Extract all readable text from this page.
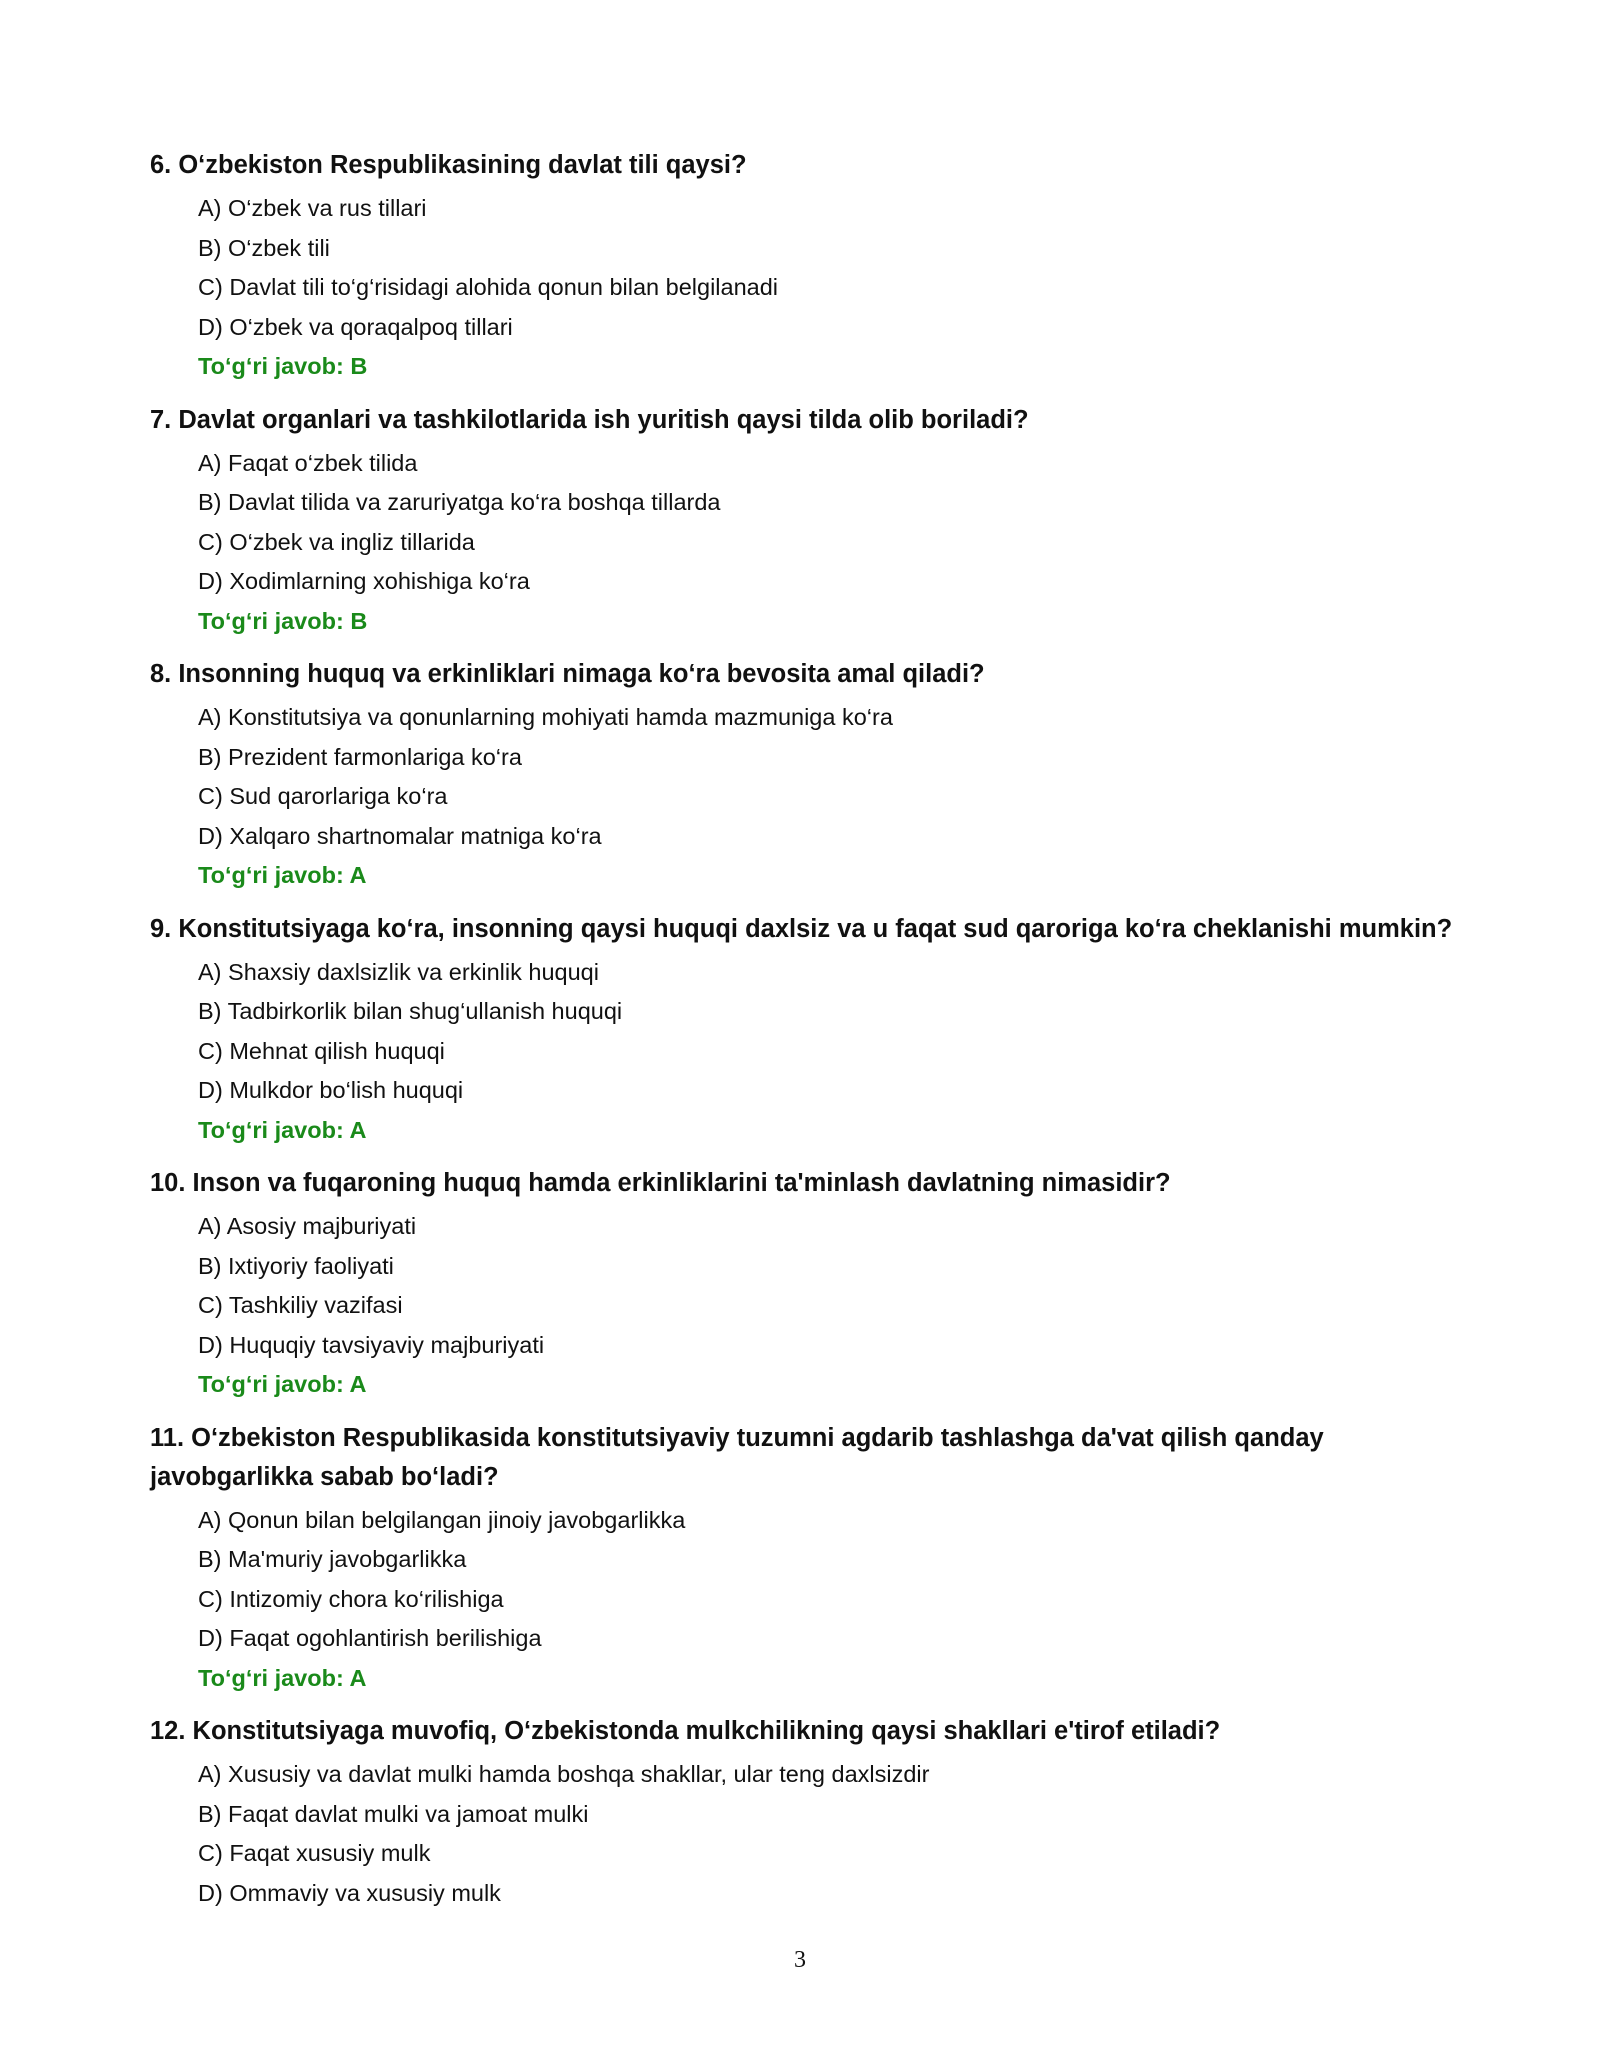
6. O‘zbekiston Respublikasining davlat tili qaysi?
A) O‘zbek va rus tillari
B) O‘zbek tili
C) Davlat tili to‘g‘risidagi alohida qonun bilan belgilanadi
D) O‘zbek va qoraqalpoq tillari
To‘g‘ri javob: B
7. Davlat organlari va tashkilotlarida ish yuritish qaysi tilda olib boriladi?
A) Faqat o‘zbek tilida
B) Davlat tilida va zaruriyatga ko‘ra boshqa tillarda
C) O‘zbek va ingliz tillarida
D) Xodimlarning xohishiga ko‘ra
To‘g‘ri javob: B
8. Insonning huquq va erkinliklari nimaga ko‘ra bevosita amal qiladi?
A) Konstitutsiya va qonunlarning mohiyati hamda mazmuniga ko‘ra
B) Prezident farmonlariga ko‘ra
C) Sud qarorlariga ko‘ra
D) Xalqaro shartnomalar matniga ko‘ra
To‘g‘ri javob: A
9. Konstitutsiyaga ko‘ra, insonning qaysi huquqi daxlsiz va u faqat sud qaroriga ko‘ra cheklanishi mumkin?
A) Shaxsiy daxlsizlik va erkinlik huquqi
B) Tadbirkorlik bilan shug‘ullanish huquqi
C) Mehnat qilish huquqi
D) Mulkdor bo‘lish huquqi
To‘g‘ri javob: A
10. Inson va fuqaroning huquq hamda erkinliklarini ta'minlash davlatning nimasidir?
A) Asosiy majburiyati
B) Ixtiyoriy faoliyati
C) Tashkiliy vazifasi
D) Huquqiy tavsiyaviy majburiyati
To‘g‘ri javob: A
11. O‘zbekiston Respublikasida konstitutsiyaviy tuzumni agdarib tashlashga da'vat qilish qanday javobgarlikka sabab bo‘ladi?
A) Qonun bilan belgilangan jinoiy javobgarlikka
B) Ma'muriy javobgarlikka
C) Intizomiy chora ko‘rilishiga
D) Faqat ogohlantirish berilishiga
To‘g‘ri javob: A
12. Konstitutsiyaga muvofiq, O‘zbekistonda mulkchilikning qaysi shakllari e'tirof etiladi?
A) Xususiy va davlat mulki hamda boshqa shakllar, ular teng daxlsizdir
B) Faqat davlat mulki va jamoat mulki
C) Faqat xususiy mulk
D) Ommaviy va xususiy mulk
3
